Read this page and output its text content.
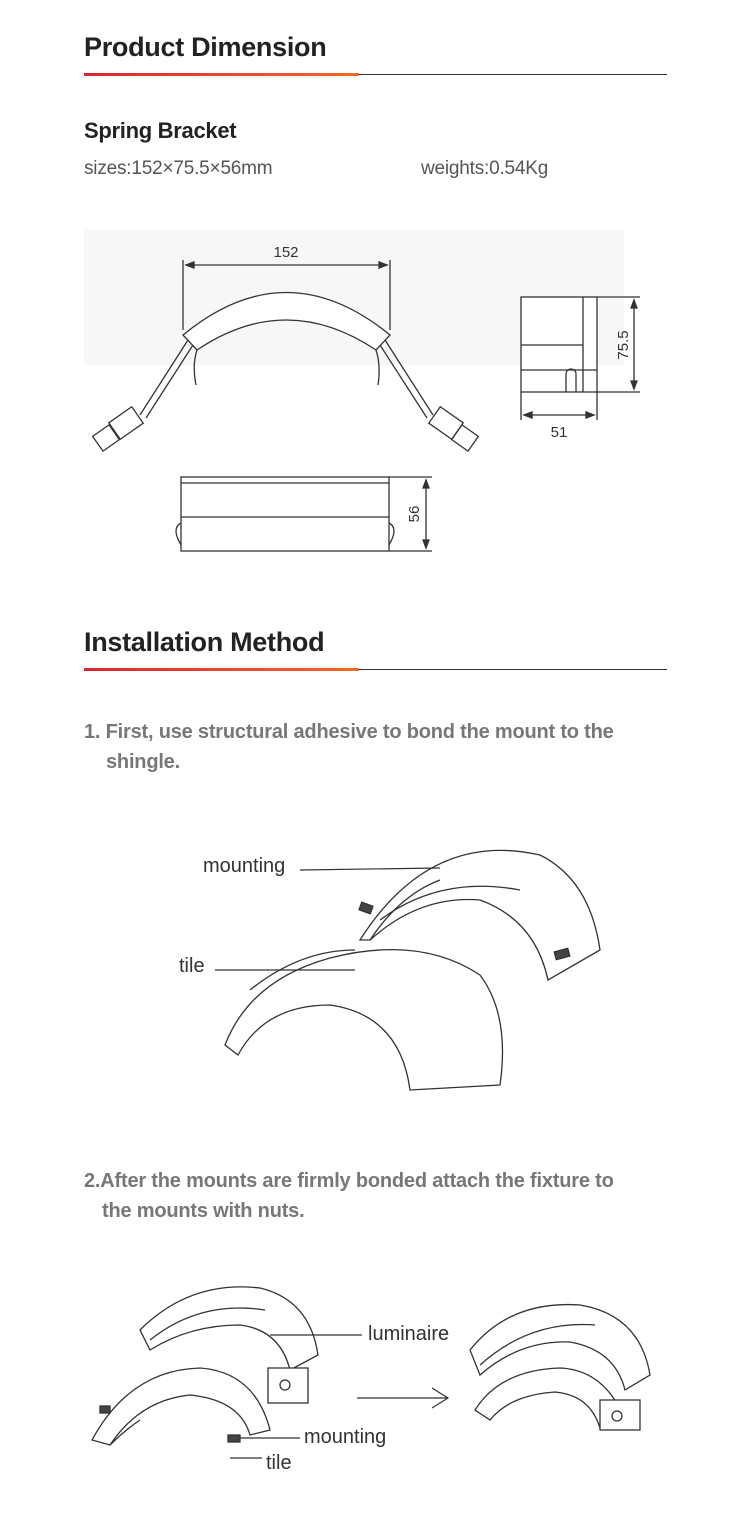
Product Dimension
Spring Bracket
sizes:152×75.5×56mm	weights:0.54Kg
152
51
75.5
56
Installation Method
1. First, use structural adhesive to bond the mount to the
shingle.
mounting
tile
2.After the mounts are firmly bonded attach the fixture to
the mounts with nuts.
luminaire
mounting
tile
